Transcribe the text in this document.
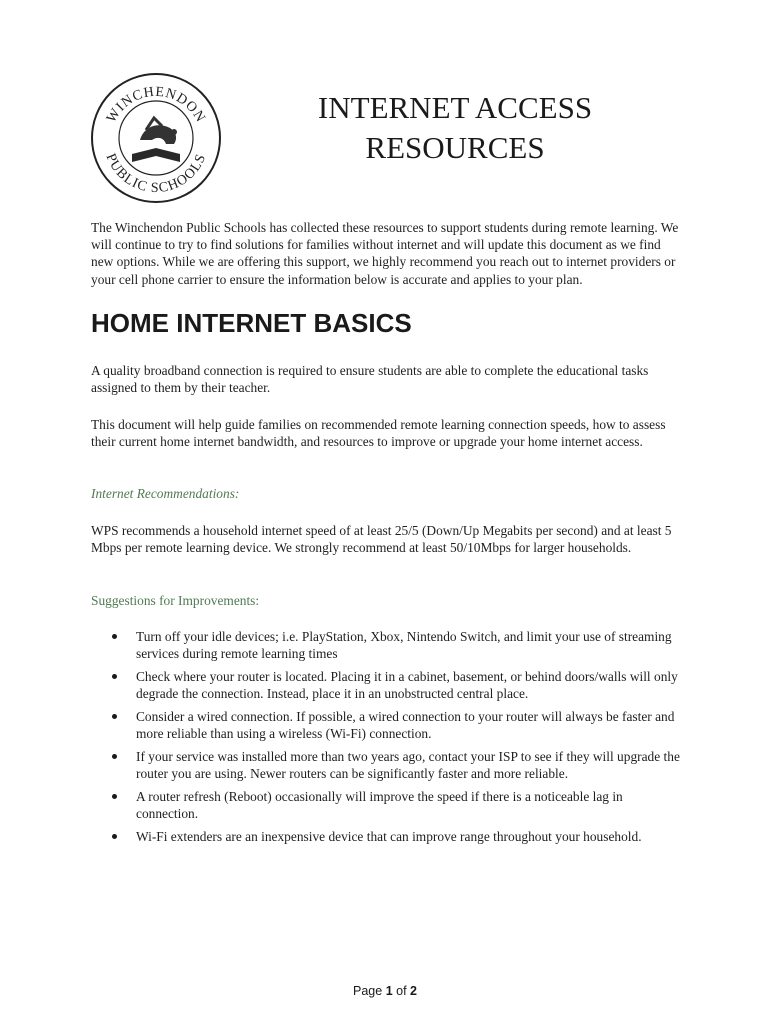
WINCHENDON
PUBLIC SCHOOLS
INTERNET ACCESS
RESOURCES
The Winchendon Public Schools has collected these resources to support students during remote learning. We will continue to try to find solutions for families without internet and will update this document as we find new options. While we are offering this support, we highly recommend you reach out to internet providers or your cell phone carrier to ensure the information below is accurate and applies to your plan.
HOME INTERNET BASICS
A quality broadband connection is required to ensure students are able to complete the educational tasks assigned to them by their teacher.
This document will help guide families on recommended remote learning connection speeds, how to assess their current home internet bandwidth, and resources to improve or upgrade your home internet access.
Internet Recommendations:
WPS recommends a household internet speed of at least 25/5 (Down/Up Megabits per second) and at least 5 Mbps per remote learning device. We strongly recommend at least 50/10Mbps for larger households.
Suggestions for Improvements:
Turn off your idle devices; i.e. PlayStation, Xbox, Nintendo Switch, and limit your use of streaming services during remote learning times
Check where your router is located. Placing it in a cabinet, basement, or behind doors/walls will only degrade the connection. Instead, place it in an unobstructed central place.
Consider a wired connection. If possible, a wired connection to your router will always be faster and more reliable than using a wireless (Wi-Fi) connection.
If your service was installed more than two years ago, contact your ISP to see if they will upgrade the router you are using. Newer routers can be significantly faster and more reliable.
A router refresh (Reboot) occasionally will improve the speed if there is a noticeable lag in connection.
Wi-Fi extenders are an inexpensive device that can improve range throughout your household.
Page 1 of 2
